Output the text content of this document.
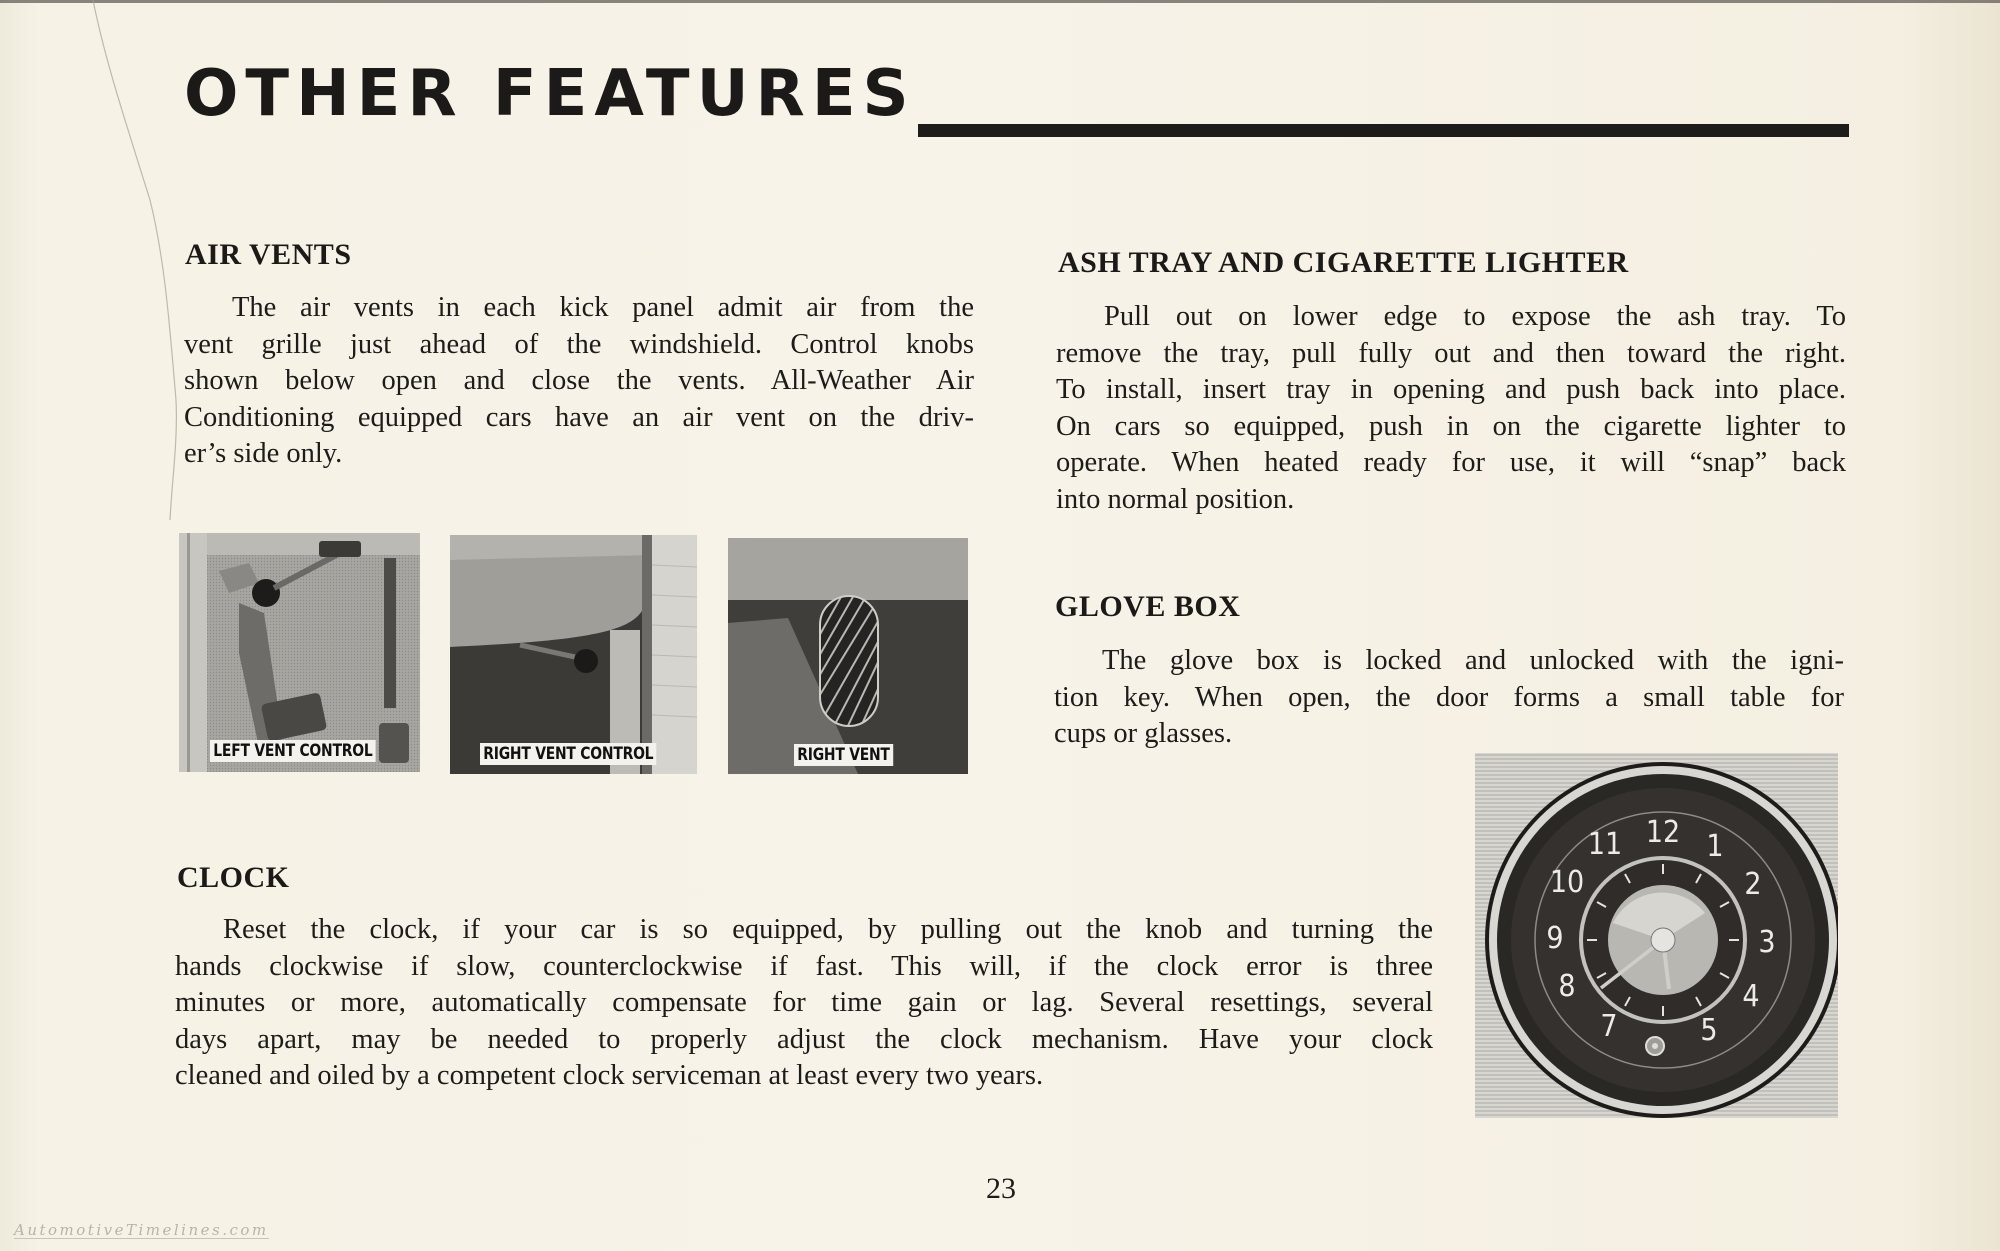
OTHER FEATURES
AIR VENTS
The air vents in each kick panel admit air from the
vent grille just ahead of the windshield. Control knobs
shown below open and close the vents. All-Weather Air
Conditioning equipped cars have an air vent on the driv-
er’s side only.
LEFT VENT CONTROL	RIGHT VENT CONTROL	RIGHT VENT
ASH TRAY AND CIGARETTE LIGHTER
Pull out on lower edge to expose the ash tray. To
remove the tray, pull fully out and then toward the right.
To install, insert tray in opening and push back into place.
On cars so equipped, push in on the cigarette lighter to
operate. When heated ready for use, it will “snap” back
into normal position.
GLOVE BOX
The glove box is locked and unlocked with the igni-
tion key. When open, the door forms a small table for
cups or glasses.
12 1
2
3
4
5
7
8
9
10
11
CLOCK
Reset the clock, if your car is so equipped, by pulling out the knob and turning the
hands clockwise if slow, counterclockwise if fast. This will, if the clock error is three
minutes or more, automatically compensate for time gain or lag. Several resettings, several
days apart, may be needed to properly adjust the clock mechanism. Have your clock
cleaned and oiled by a competent clock serviceman at least every two years.
23
AutomotiveTimelines.com
